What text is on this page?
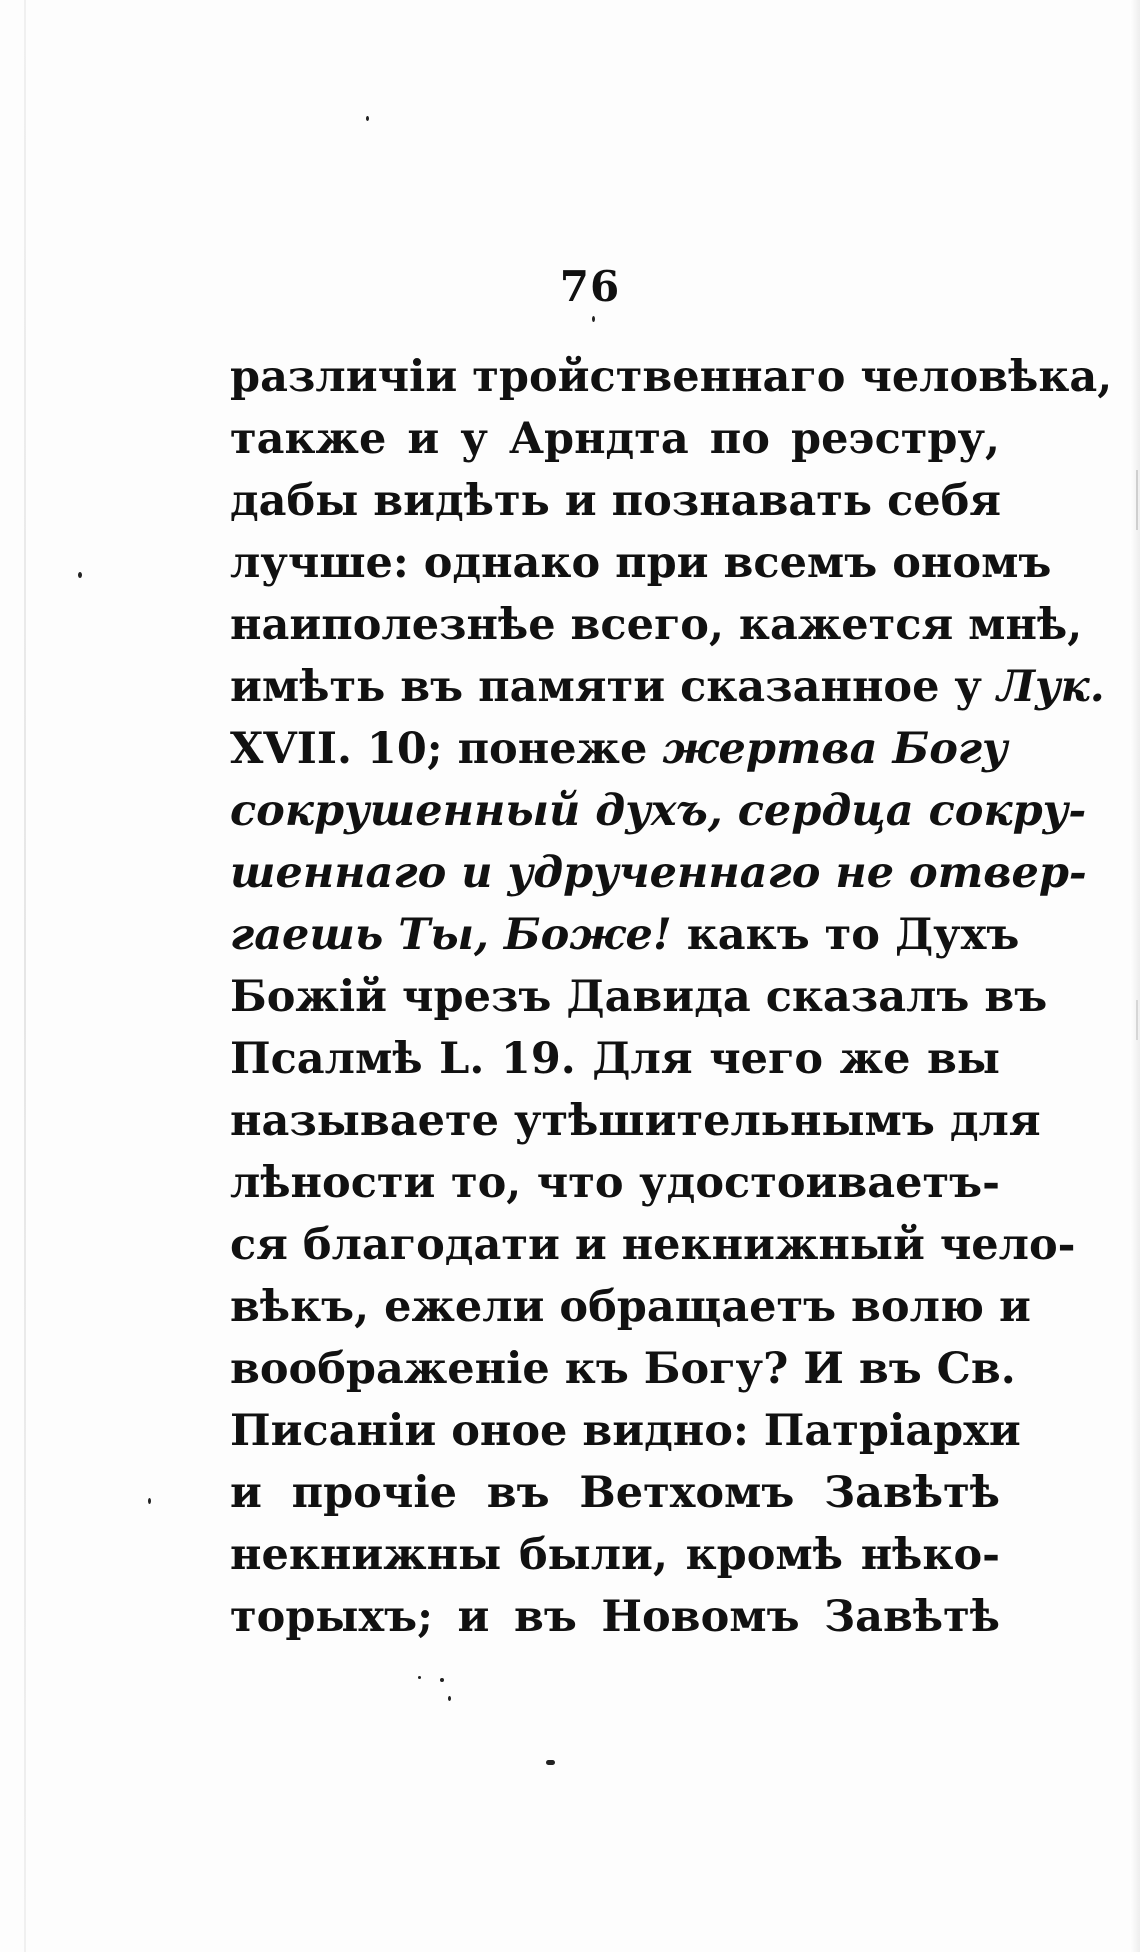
76
различіи тройственнаго человѣка,
также и у Арндта по реэстру,
дабы видѣть и познавать себя
лучше: однако при всемъ ономъ
наиполезнѣе всего, кажется мнѣ,
имѣть въ памяти сказанное у Лук.
XVII. 10; понеже жертва Богу
сокрушенный духъ, сердца сокру-
шеннаго и удрученнаго не отвер-
гаешь Ты, Боже! какъ то Духъ
Божій чрезъ Давида сказалъ въ
Псалмѣ L. 19. Для чего же вы
называете утѣшительнымъ для
лѣности то, что удостоиваетъ-
ся благодати и некнижный чело-
вѣкъ, ежели обращаетъ волю и
воображеніе къ Богу? И въ Св.
Писаніи оное видно: Патріархи
и прочіе въ Ветхомъ Завѣтѣ
некнижны были, кромѣ нѣко-
торыхъ; и въ Новомъ Завѣтѣ
